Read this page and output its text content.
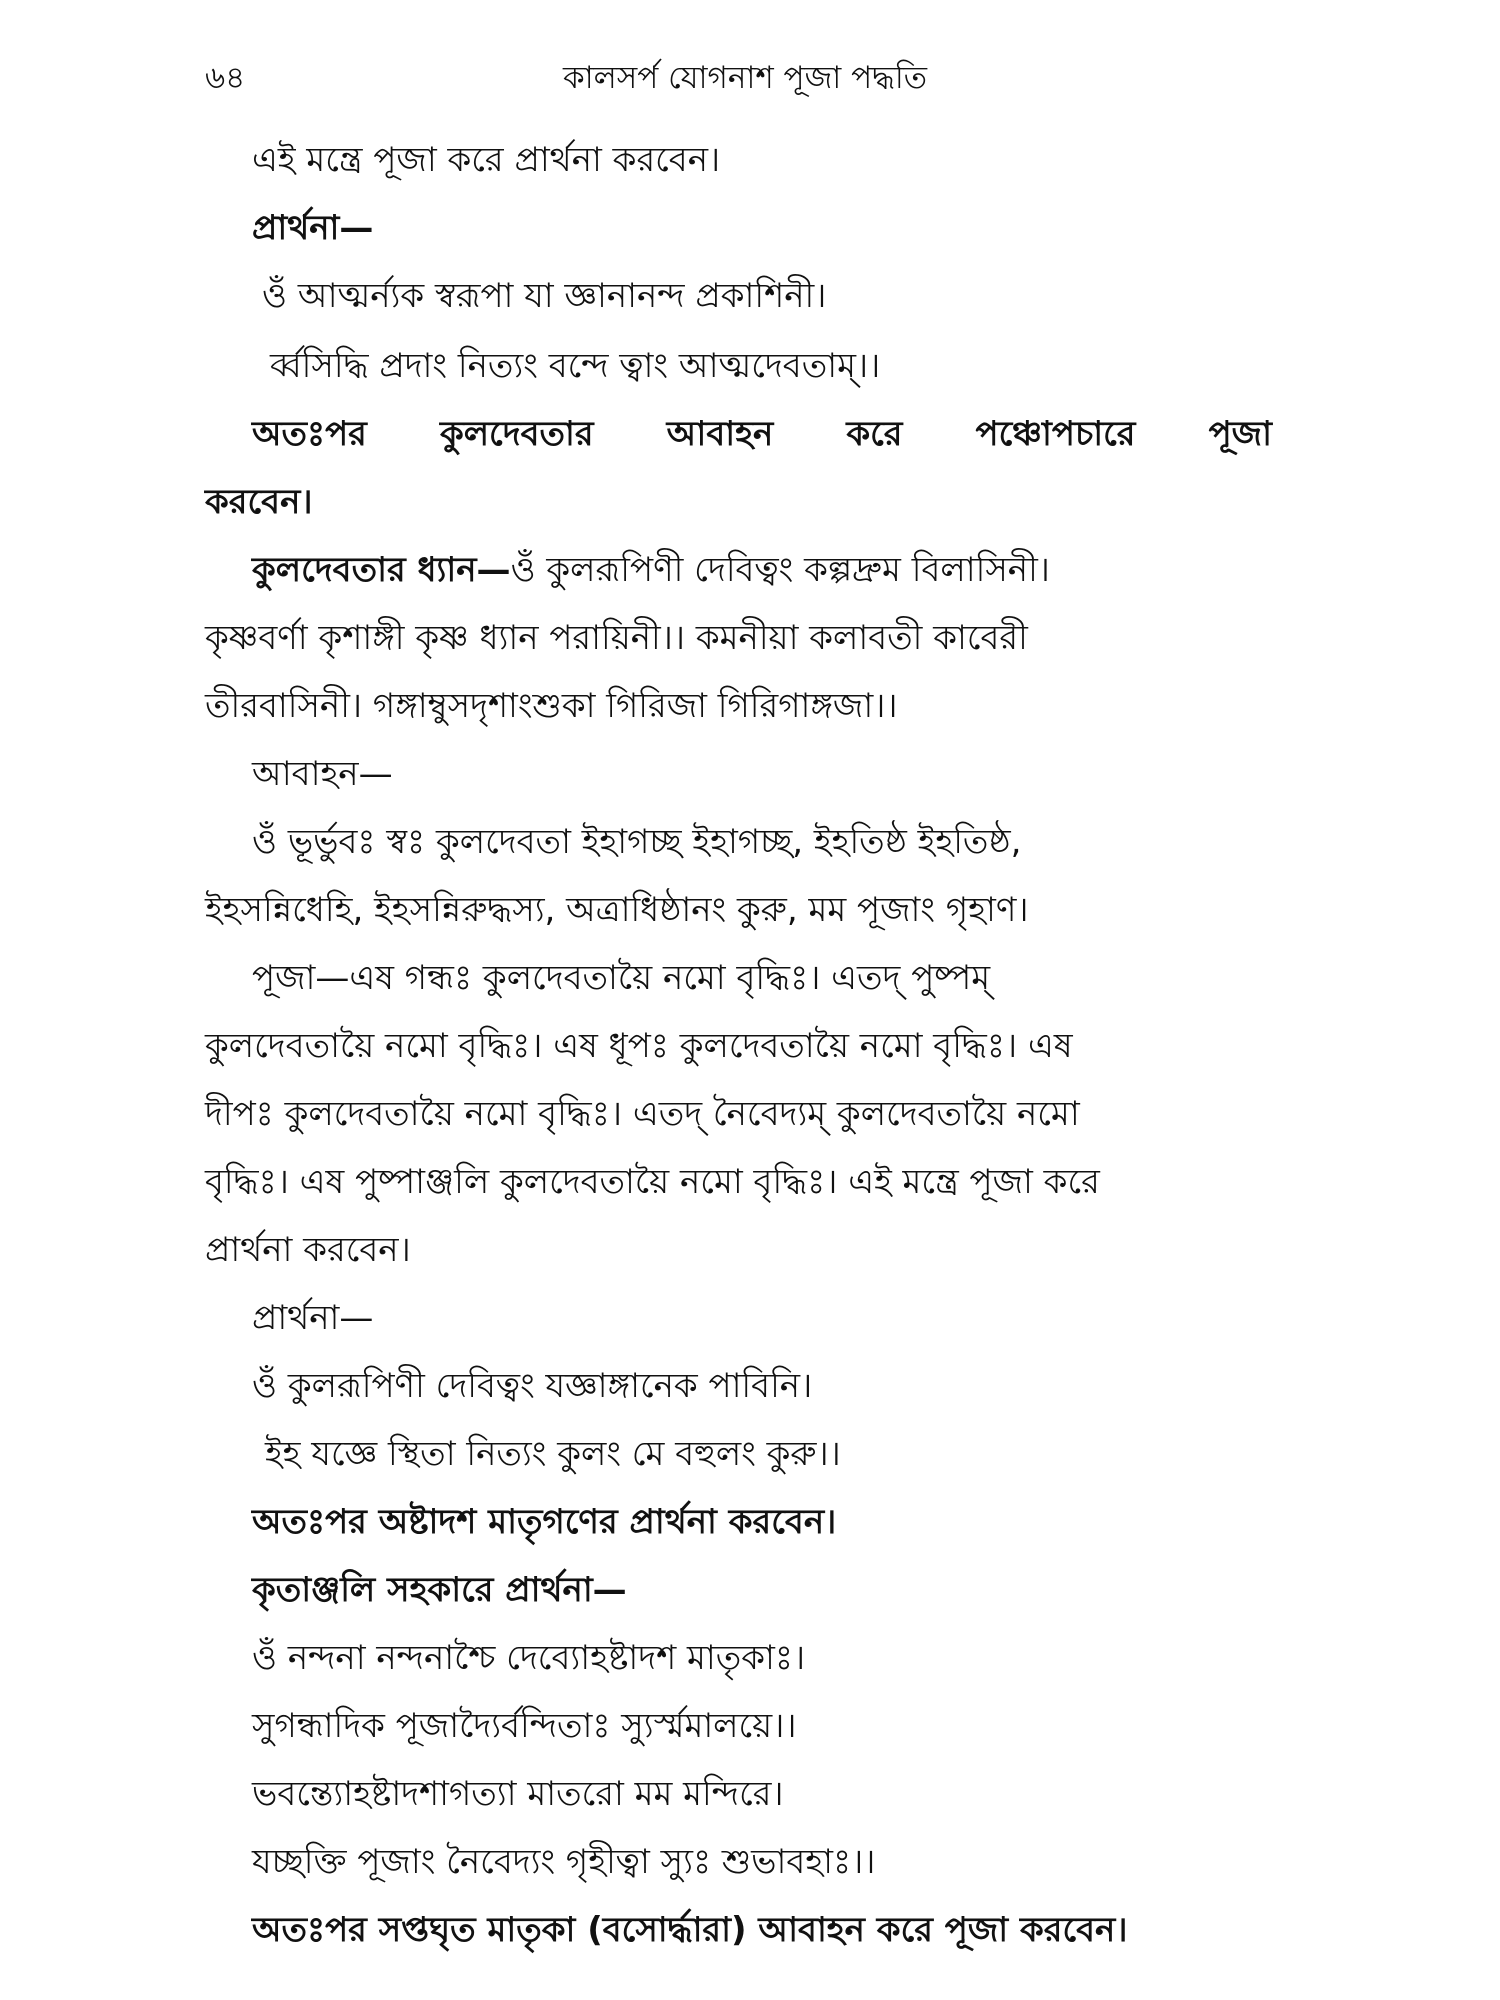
৬৪	কালসর্প যোগনাশ পূজা পদ্ধতি
এই মন্ত্রে পূজা করে প্রার্থনা করবেন।
প্রার্থনা—
ওঁ আত্মর্ন্যক স্বরূপা যা জ্ঞানানন্দ প্রকাশিনী।
র্ব্বসিদ্ধি প্রদাং নিত্যং বন্দে ত্বাং আত্মদেবতাম্।।
অতঃপর কুলদেবতার আবাহন করে পঞ্চোপচারে পূজা
করবেন।
কুলদেবতার ধ্যান—ওঁ কুলরূপিণী দেবিত্বং কল্পদ্রুম বিলাসিনী।
কৃষ্ণবর্ণা কৃশাঙ্গী কৃষ্ণ ধ্যান পরায়িনী।। কমনীয়া কলাবতী কাবেরী
তীরবাসিনী। গঙ্গাম্বুসদৃশাংশুকা গিরিজা গিরিগাঙ্গজা।।
আবাহন—
ওঁ ভূর্ভুবঃ স্বঃ কুলদেবতা ইহাগচ্ছ ইহাগচ্ছ, ইহতিষ্ঠ ইহতিষ্ঠ,
ইহসন্নিধেহি, ইহসন্নিরুদ্ধস্য, অত্রাধিষ্ঠানং কুরু, মম পূজাং গৃহাণ।
পূজা—এষ গন্ধঃ কুলদেবতায়ৈ নমো বৃদ্ধিঃ। এতদ্ পুষ্পম্
কুলদেবতায়ৈ নমো বৃদ্ধিঃ। এষ ধূপঃ কুলদেবতায়ৈ নমো বৃদ্ধিঃ। এষ
দীপঃ কুলদেবতায়ৈ নমো বৃদ্ধিঃ। এতদ্ নৈবেদ্যম্ কুলদেবতায়ৈ নমো
বৃদ্ধিঃ। এষ পুষ্পাঞ্জলি কুলদেবতায়ৈ নমো বৃদ্ধিঃ। এই মন্ত্রে পূজা করে
প্রার্থনা করবেন।
প্রার্থনা—
ওঁ কুলরূপিণী দেবিত্বং যজ্ঞাঙ্গানেক পাবিনি।
ইহ যজ্ঞে স্থিতা নিত্যং কুলং মে বহুলং কুরু।।
অতঃপর অষ্টাদশ মাতৃগণের প্রার্থনা করবেন।
কৃতাঞ্জলি সহকারে প্রার্থনা—
ওঁ নন্দনা নন্দনাশ্চৈ দেব্যোহষ্টাদশ মাতৃকাঃ।
সুগন্ধাদিক পূজাদ্যৈর্বন্দিতাঃ স্যুর্স্মমালয়ে।।
ভবন্ত্যোহষ্টাদশাগত্যা মাতরো মম মন্দিরে।
যচ্ছক্তি পূজাং নৈবেদ্যং গৃহীত্বা স্যুঃ শুভাবহাঃ।।
অতঃপর সপ্তঘৃত মাতৃকা (বসোর্দ্ধারা) আবাহন করে পূজা করবেন।
